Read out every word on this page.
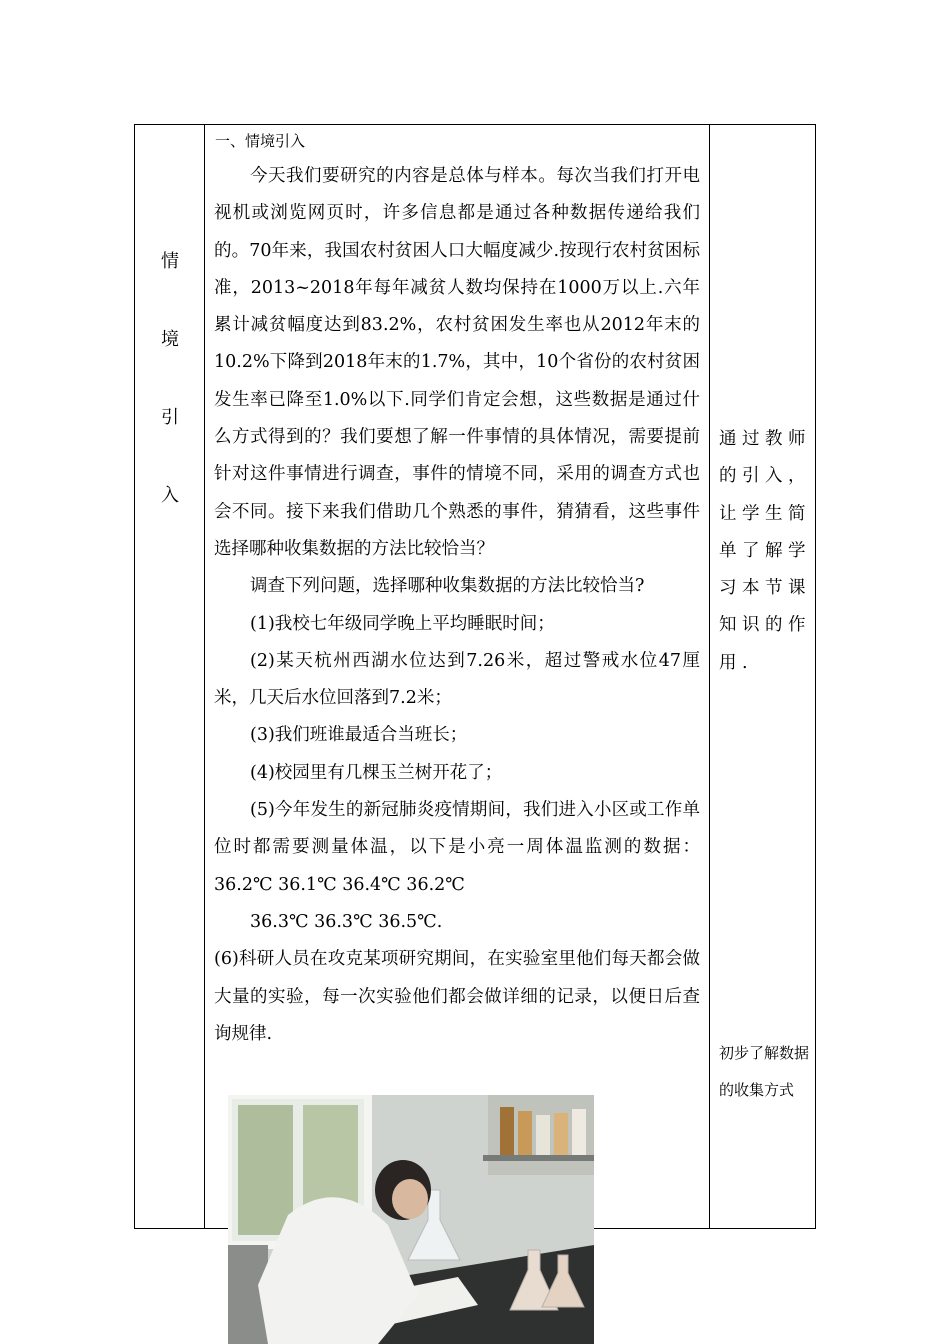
情
境
引
入
一、情境引入

今天我们要研究的内容是总体与样本。每次当我们打开电视机或浏览网页时，许多信息都是通过各种数据传递给我们的。70年来，我国农村贫困人口大幅度减少.按现行农村贫困标准，2013~2018年每年减贫人数均保持在1000万以上.六年累计减贫幅度达到83.2%，农村贫困发生率也从2012年末的10.2%下降到2018年末的1.7%，其中，10个省份的农村贫困发生率已降至1.0%以下.同学们肯定会想，这些数据是通过什么方式得到的？我们要想了解一件事情的具体情况，需要提前针对这件事情进行调查，事件的情境不同，采用的调查方式也会不同。接下来我们借助几个熟悉的事件，猜猜看，这些事件选择哪种收集数据的方法比较恰当？

调查下列问题，选择哪种收集数据的方法比较恰当?

(1)我校七年级同学晚上平均睡眠时间；

(2)某天杭州西湖水位达到7.26米，超过警戒水位47厘米，几天后水位回落到7.2米；

(3)我们班谁最适合当班长；

(4)校园里有几棵玉兰树开花了；

(5)今年发生的新冠肺炎疫情期间，我们进入小区或工作单位时都需要测量体温，以下是小亮一周体温监测的数据：36.2℃ 36.1℃ 36.4℃ 36.2℃

36.3℃ 36.3℃ 36.5℃.

(6)科研人员在攻克某项研究期间，在实验室里他们每天都会做大量的实验，每一次实验他们都会做详细的记录，以便日后查询规律.

通过教师的引入，让学生简单了解学习本节课知识的作用.
初步了解数据的收集方式
